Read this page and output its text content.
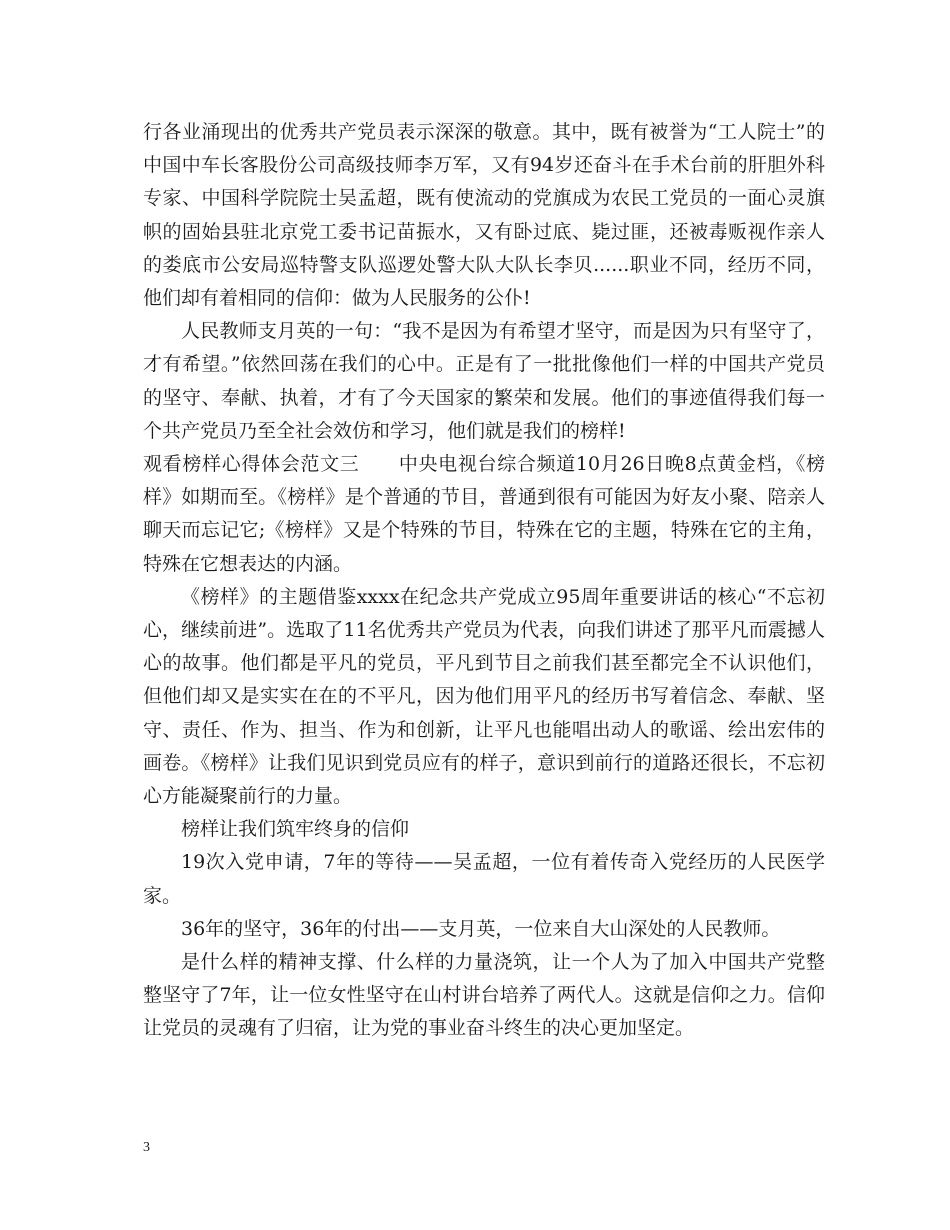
行各业涌现出的优秀共产党员表示深深的敬意。其中，既有被誉为“工人院士”的中国中车长客股份公司高级技师李万军，又有94岁还奋斗在手术台前的肝胆外科专家、中国科学院院士吴孟超，既有使流动的党旗成为农民工党员的一面心灵旗帜的固始县驻北京党工委书记苗振水，又有卧过底、毙过匪，还被毒贩视作亲人的娄底市公安局巡特警支队巡逻处警大队大队长李贝......职业不同，经历不同，他们却有着相同的信仰：做为人民服务的公仆!

人民教师支月英的一句：“我不是因为有希望才坚守，而是因为只有坚守了，才有希望。”依然回荡在我们的心中。正是有了一批批像他们一样的中国共产党员的坚守、奉献、执着，才有了今天国家的繁荣和发展。他们的事迹值得我们每一个共产党员乃至全社会效仿和学习，他们就是我们的榜样!

观看榜样心得体会范文三　　中央电视台综合频道10月26日晚8点黄金档，《榜样》如期而至。《榜样》是个普通的节目，普通到很有可能因为好友小聚、陪亲人聊天而忘记它;《榜样》又是个特殊的节目，特殊在它的主题，特殊在它的主角，特殊在它想表达的内涵。

《榜样》的主题借鉴xxxx在纪念共产党成立95周年重要讲话的核心“不忘初心，继续前进”。选取了11名优秀共产党员为代表，向我们讲述了那平凡而震撼人心的故事。他们都是平凡的党员，平凡到节目之前我们甚至都完全不认识他们，但他们却又是实实在在的不平凡，因为他们用平凡的经历书写着信念、奉献、坚守、责任、作为、担当、作为和创新，让平凡也能唱出动人的歌谣、绘出宏伟的画卷。《榜样》让我们见识到党员应有的样子，意识到前行的道路还很长，不忘初心方能凝聚前行的力量。

榜样让我们筑牢终身的信仰

19次入党申请，7年的等待——吴孟超，一位有着传奇入党经历的人民医学家。

36年的坚守，36年的付出——支月英，一位来自大山深处的人民教师。

是什么样的精神支撑、什么样的力量浇筑，让一个人为了加入中国共产党整整坚守了7年，让一位女性坚守在山村讲台培养了两代人。这就是信仰之力。信仰让党员的灵魂有了归宿，让为党的事业奋斗终生的决心更加坚定。

3
